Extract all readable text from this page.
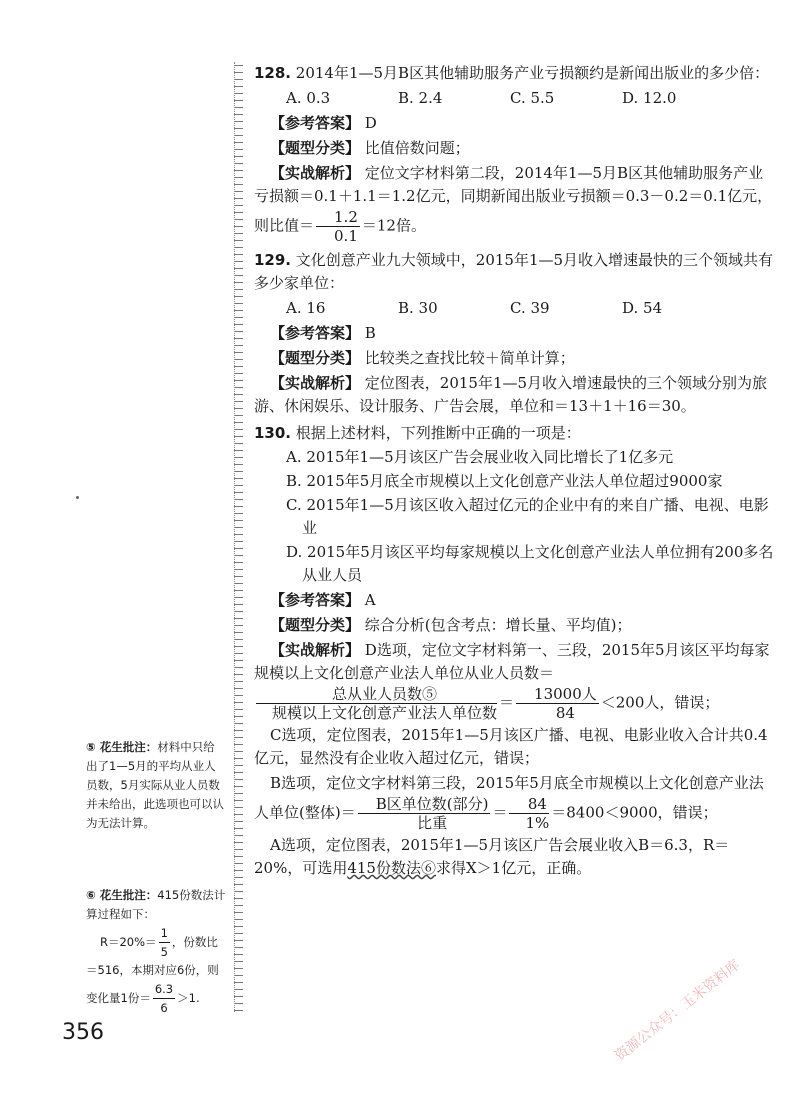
128. 2014年1—5月B区其他辅助服务产业亏损额约是新闻出版业的多少倍：

A. 0.3	B. 2.4	C. 5.5	D. 12.0
【参考答案】 D
【题型分类】 比值倍数问题；
【实战解析】 定位文字材料第二段，2014年1—5月B区其他辅助服务产业亏损额＝0.1＋1.1＝1.2亿元，同期新闻出版业亏损额＝0.3－0.2＝0.1亿元，则比值＝ $\frac{1.2}{0.1} =12$倍。

129. 文化创意产业九大领域中，2015年1—5月收入增速最快的三个领域共有多少家单位：

A. 16	B. 30	C. 39	D. 54
【参考答案】 B
【题型分类】 比较类之查找比较＋简单计算；
【实战解析】 定位图表，2015年1—5月收入增速最快的三个领域分别为旅游、休闲娱乐、设计服务、广告会展，单位和＝13＋1＋16＝30。

130. 根据上述材料，下列推断中正确的一项是：

A. 2015年1—5月该区广告会展业收入同比增长了1亿多元
B. 2015年5月底全市规模以上文化创意产业法人单位超过9000家
C. 2015年1—5月该区收入超过亿元的企业中有的来自广播、电视、电影业
D. 2015年5月该区平均每家规模以上文化创意产业法人单位拥有200多名从业人员
【参考答案】 A
【题型分类】 综合分析(包含考点：增长量、平均值)；
【实战解析】 D选项，定位文字材料第一、三段，2015年5月该区平均每家规模以上文化创意产业法人单位从业人员数＝

$\frac{\text{总从业人员数⑤}}{\text{规模以上文化创意产业法人单位数}} = \frac{\text{13000人}}{84} <200$人，错误；
C选项，定位图表，2015年1—5月该区广播、电视、电影业收入合计共0.4亿元，显然没有企业收入超过亿元，错误；
B选项，定位文字材料第三段，2015年5月底全市规模以上文化创意产业法人单位(整体)＝ $\frac{\text{B区单位数(部分)}}{\text{比重}} = \frac{84}{1\%} =8400<9000$，错误；
A选项，定位图表，2015年1—5月该区广告会展业收入B＝6.3，R＝20%，可选用415份数法⑥求得X＞1亿元，正确。
⑤ 花生批注：材料中只给出了1—5月的平均从业人员数，5月实际从业人员数并未给出，此选项也可以认为无法计算。
⑥ 花生批注：415份数法计算过程如下：
$R=20\%= \frac{1}{5}$ ，份数比
＝516，本期对应6份，则变化量1份＝ $\frac{6.3}{6} >1$.
356	资源公众号：玉米资料库
